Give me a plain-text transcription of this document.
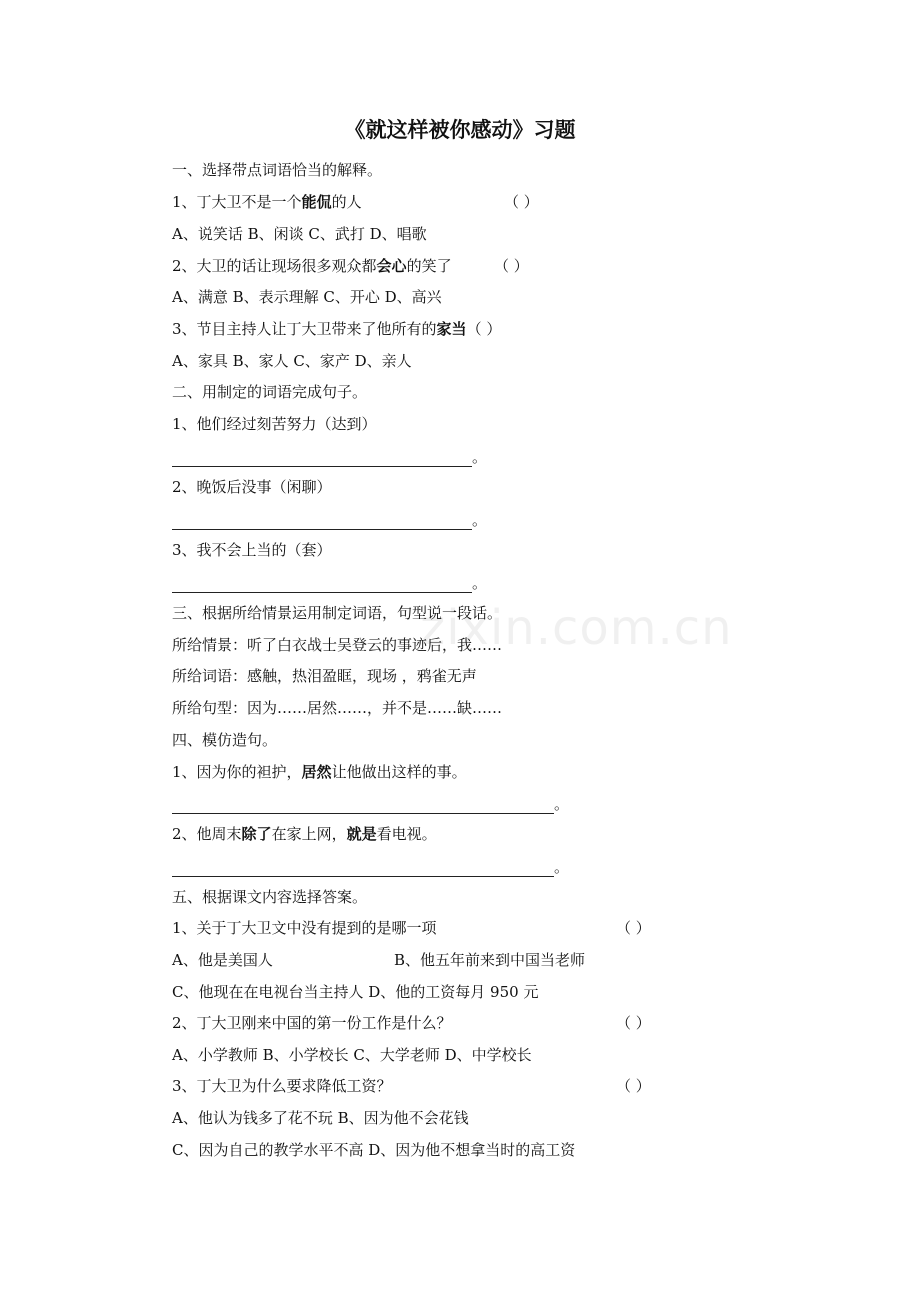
zixin.com.cn
《就这样被你感动》习题
一、选择带点词语恰当的解释。
1、丁大卫不是一个能侃的人	（ ）
A、说笑话 B、闲谈 C、武打 D、唱歌
2、大卫的话让现场很多观众都会心的笑了	（ ）
A、满意 B、表示理解 C、开心 D、高兴
3、节目主持人让丁大卫带来了他所有的家当（ ）
A、家具 B、家人 C、家产 D、亲人
二、用制定的词语完成句子。
1、他们经过刻苦努力（达到）
。
2、晚饭后没事（闲聊）
。
3、我不会上当的（套）
。
三、根据所给情景运用制定词语，句型说一段话。
所给情景：听了白衣战士吴登云的事迹后，我……
所给词语：感触，热泪盈眶，现场 ，鸦雀无声
所给句型：因为……居然……，并不是……缺……
四、模仿造句。
1、因为你的袒护，居然让他做出这样的事。
。
2、他周末除了在家上网，就是看电视。
。
五、根据课文内容选择答案。
1、关于丁大卫文中没有提到的是哪一项	（ ）
A、他是美国人	B、他五年前来到中国当老师
C、他现在在电视台当主持人 D、他的工资每月 950 元
2、丁大卫刚来中国的第一份工作是什么？	（ ）
A、小学教师 B、小学校长 C、大学老师 D、中学校长
3、丁大卫为什么要求降低工资？	（ ）
A、他认为钱多了花不玩 B、因为他不会花钱
C、因为自己的教学水平不高 D、因为他不想拿当时的高工资
